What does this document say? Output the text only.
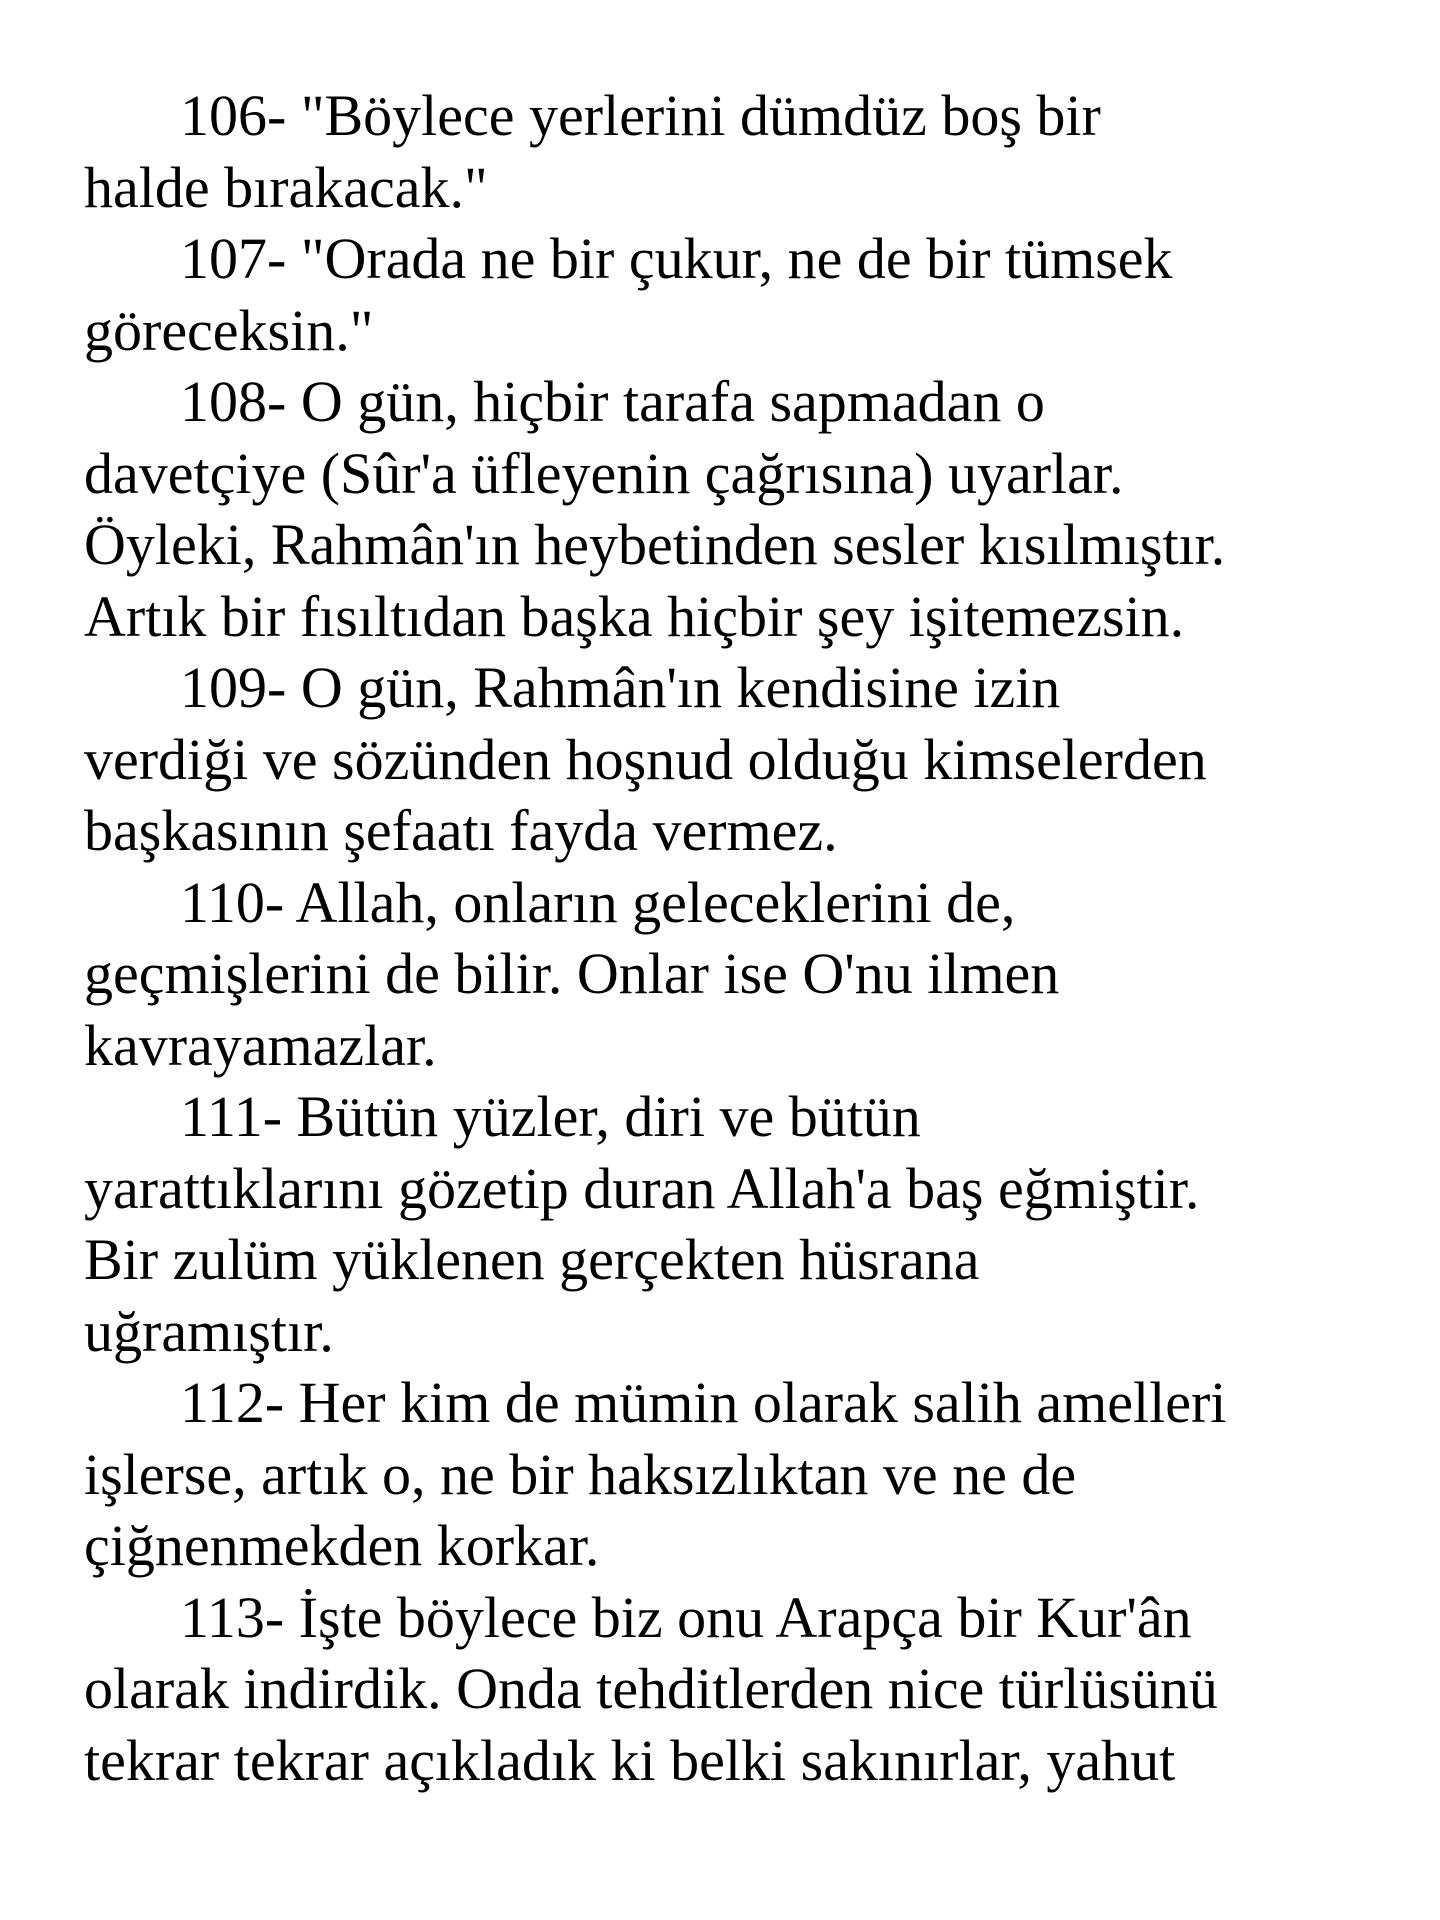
106- "Böylece yerlerini dümdüz boş bir
halde bırakacak."

107- "Orada ne bir çukur, ne de bir tümsek
göreceksin."

108- O gün, hiçbir tarafa sapmadan o
davetçiye (Sûr'a üfleyenin çağrısına) uyarlar.
Öyleki, Rahmân'ın heybetinden sesler kısılmıştır.
Artık bir fısıltıdan başka hiçbir şey işitemezsin.

109- O gün, Rahmân'ın kendisine izin
verdiği ve sözünden hoşnud olduğu kimselerden
başkasının şefaatı fayda vermez.

110- Allah, onların geleceklerini de,
geçmişlerini de bilir. Onlar ise O'nu ilmen
kavrayamazlar.

111- Bütün yüzler, diri ve bütün
yarattıklarını gözetip duran Allah'a baş eğmiştir.
Bir zulüm yüklenen gerçekten hüsrana
uğramıştır.

112- Her kim de mümin olarak salih amelleri
işlerse, artık o, ne bir haksızlıktan ve ne de
çiğnenmekden korkar.

113- İşte böylece biz onu Arapça bir Kur'ân
olarak indirdik. Onda tehditlerden nice türlüsünü
tekrar tekrar açıkladık ki belki sakınırlar, yahut
